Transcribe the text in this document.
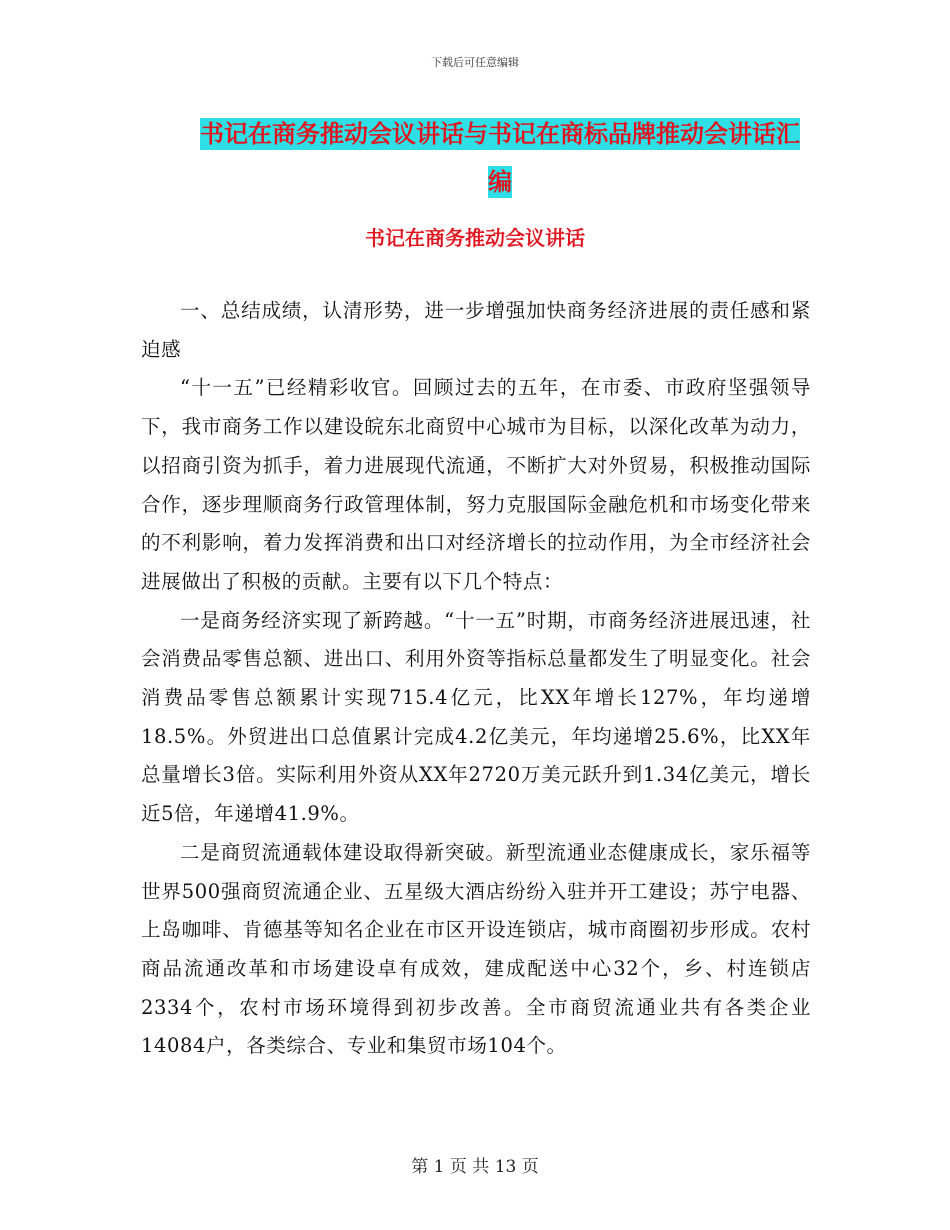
下载后可任意编辑
书记在商务推动会议讲话与书记在商标品牌推动会讲话汇编
书记在商务推动会议讲话

一、总结成绩，认清形势，进一步增强加快商务经济进展的责任感和紧迫感

“十一五”已经精彩收官。回顾过去的五年，在市委、市政府坚强领导下，我市商务工作以建设皖东北商贸中心城市为目标，以深化改革为动力，以招商引资为抓手，着力进展现代流通，不断扩大对外贸易，积极推动国际合作，逐步理顺商务行政管理体制，努力克服国际金融危机和市场变化带来的不利影响，着力发挥消费和出口对经济增长的拉动作用，为全市经济社会进展做出了积极的贡献。主要有以下几个特点：

一是商务经济实现了新跨越。“十一五”时期，市商务经济进展迅速，社会消费品零售总额、进出口、利用外资等指标总量都发生了明显变化。社会消费品零售总额累计实现715.4亿元，比XX年增长127%，年均递增18.5%。外贸进出口总值累计完成4.2亿美元，年均递增25.6%，比XX年总量增长3倍。实际利用外资从XX年2720万美元跃升到1.34亿美元，增长近5倍，年递增41.9%。

二是商贸流通载体建设取得新突破。新型流通业态健康成长，家乐福等世界500强商贸流通企业、五星级大酒店纷纷入驻并开工建设；苏宁电器、上岛咖啡、肯德基等知名企业在市区开设连锁店，城市商圈初步形成。农村商品流通改革和市场建设卓有成效，建成配送中心32个，乡、村连锁店2334个，农村市场环境得到初步改善。全市商贸流通业共有各类企业14084户，各类综合、专业和集贸市场104个。

第 1 页 共 13 页
